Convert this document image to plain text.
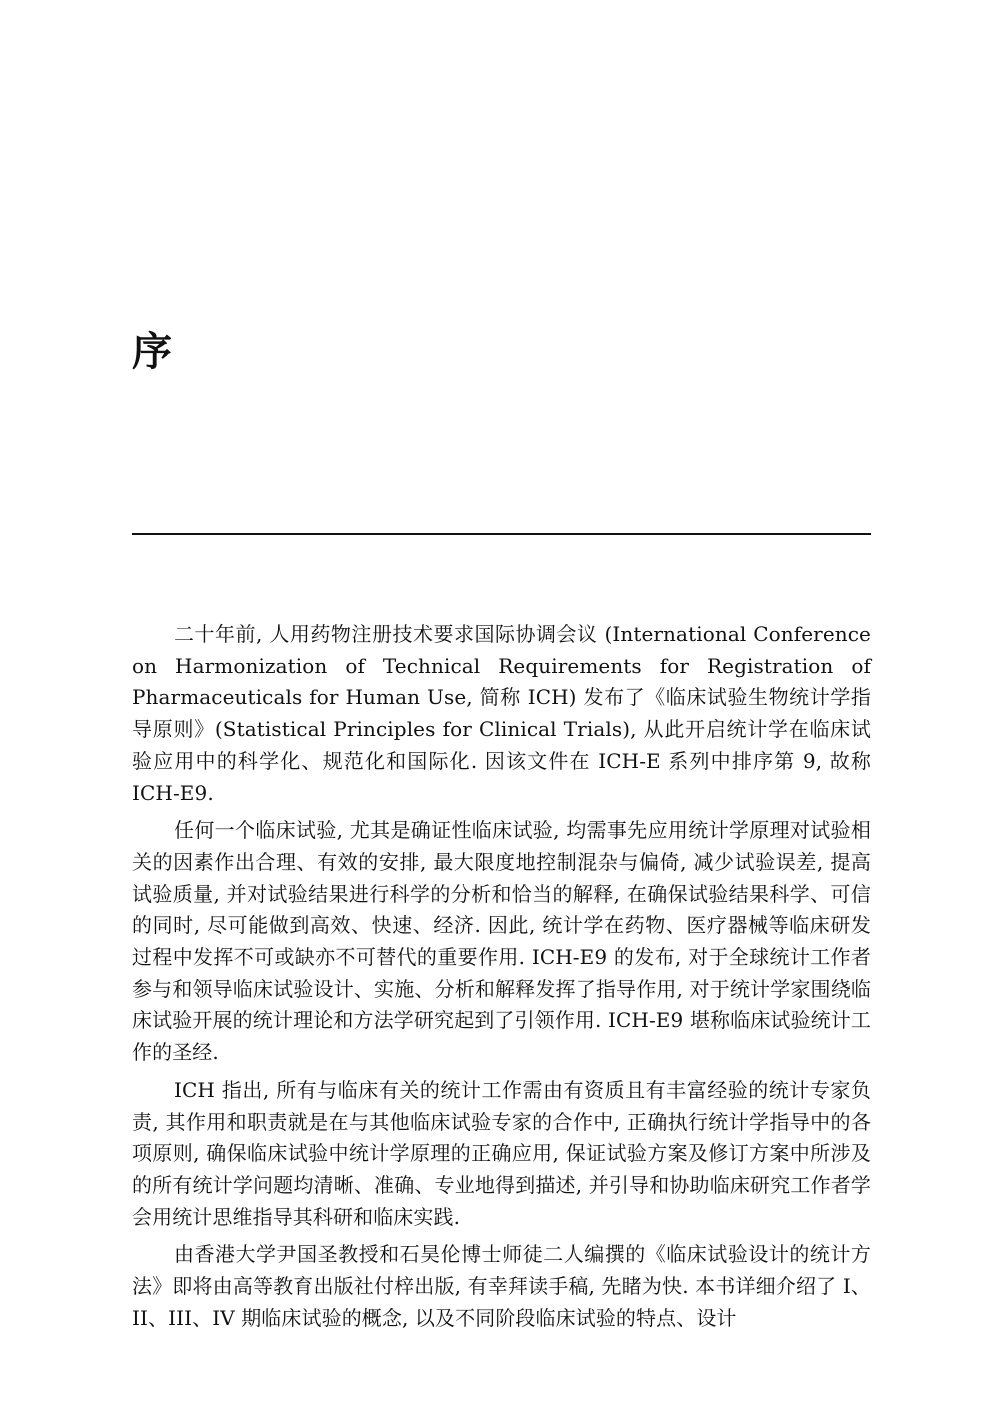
序

二十年前, 人用药物注册技术要求国际协调会议 (International Conference on Harmonization of Technical Requirements for Registration of Pharmaceuticals for Human Use, 简称 ICH) 发布了《临床试验生物统计学指导原则》(Statistical Principles for Clinical Trials), 从此开启统计学在临床试验应用中的科学化、规范化和国际化. 因该文件在 ICH-E 系列中排序第 9, 故称 ICH-E9.

任何一个临床试验, 尤其是确证性临床试验, 均需事先应用统计学原理对试验相关的因素作出合理、有效的安排, 最大限度地控制混杂与偏倚, 减少试验误差, 提高试验质量, 并对试验结果进行科学的分析和恰当的解释, 在确保试验结果科学、可信的同时, 尽可能做到高效、快速、经济. 因此, 统计学在药物、医疗器械等临床研发过程中发挥不可或缺亦不可替代的重要作用. ICH-E9 的发布, 对于全球统计工作者参与和领导临床试验设计、实施、分析和解释发挥了指导作用, 对于统计学家围绕临床试验开展的统计理论和方法学研究起到了引领作用. ICH-E9 堪称临床试验统计工作的圣经.

ICH 指出, 所有与临床有关的统计工作需由有资质且有丰富经验的统计专家负责, 其作用和职责就是在与其他临床试验专家的合作中, 正确执行统计学指导中的各项原则, 确保临床试验中统计学原理的正确应用, 保证试验方案及修订方案中所涉及的所有统计学问题均清晰、准确、专业地得到描述, 并引导和协助临床研究工作者学会用统计思维指导其科研和临床实践.

由香港大学尹国圣教授和石昊伦博士师徒二人编撰的《临床试验设计的统计方法》即将由高等教育出版社付梓出版, 有幸拜读手稿, 先睹为快. 本书详细介绍了 I、II、III、IV 期临床试验的概念, 以及不同阶段临床试验的特点、设计
